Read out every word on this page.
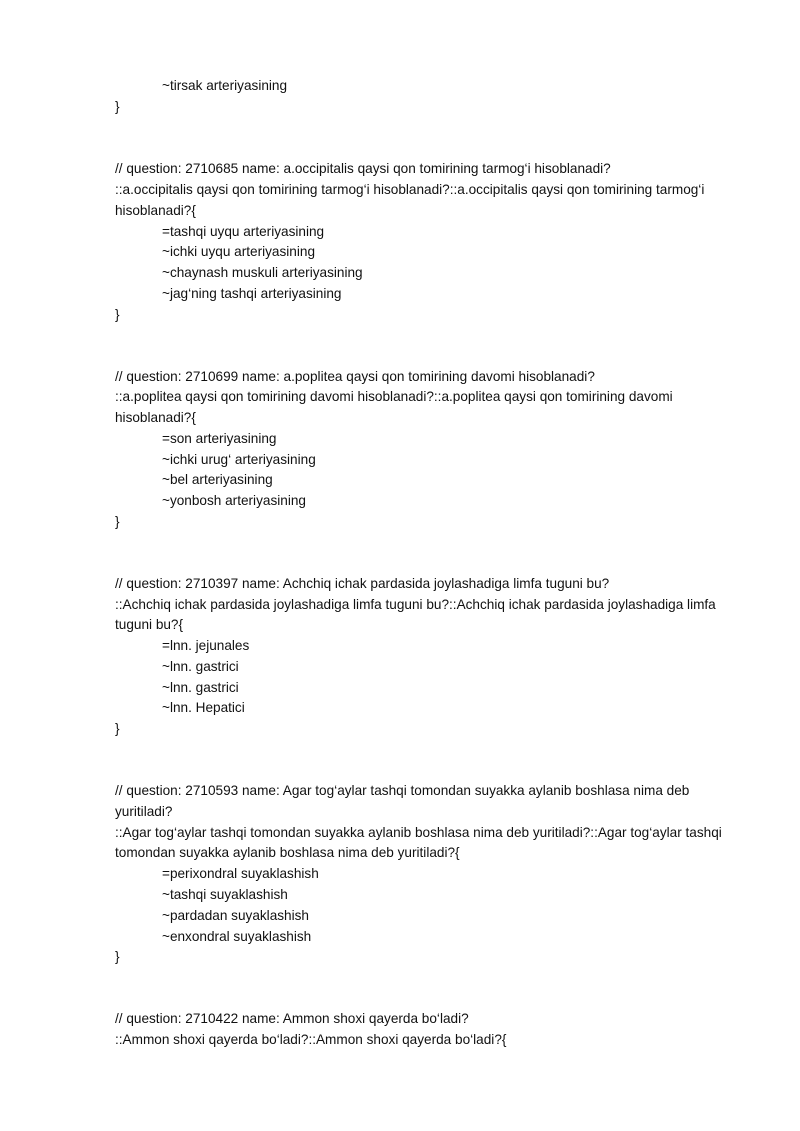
~tirsak arteriyasining
}
// question: 2710685 name: a.occipitalis qaysi qon tomirining tarmog‘i hisoblanadi?
::a.occipitalis qaysi qon tomirining tarmog‘i hisoblanadi?::a.occipitalis qaysi qon tomirining tarmog‘i
hisoblanadi?{
=tashqi uyqu arteriyasining
~ichki uyqu arteriyasining
~chaynash muskuli arteriyasining
~jag‘ning tashqi arteriyasining
}
// question: 2710699 name: a.poplitea qaysi qon tomirining davomi hisoblanadi?
::a.poplitea qaysi qon tomirining davomi hisoblanadi?::a.poplitea qaysi qon tomirining davomi
hisoblanadi?{
=son arteriyasining
~ichki urug‘ arteriyasining
~bel arteriyasining
~yonbosh arteriyasining
}
// question: 2710397 name: Achchiq ichak pardasida joylashadiga limfa tuguni bu?
::Achchiq ichak pardasida joylashadiga limfa tuguni bu?::Achchiq ichak pardasida joylashadiga limfa
tuguni bu?{
=lnn. jejunales
~lnn. gastrici
~lnn. gastrici
~lnn. Hepatici
}
// question: 2710593 name: Agar tog‘aylar tashqi tomondan suyakka aylanib boshlasa nima deb
yuritiladi?
::Agar tog‘aylar tashqi tomondan suyakka aylanib boshlasa nima deb yuritiladi?::Agar tog‘aylar tashqi
tomondan suyakka aylanib boshlasa nima deb yuritiladi?{
=perixondral suyaklashish
~tashqi suyaklashish
~pardadan suyaklashish
~enxondral suyaklashish
}
// question: 2710422 name: Ammon shoxi qayerda bo‘ladi?
::Ammon shoxi qayerda bo‘ladi?::Ammon shoxi qayerda bo‘ladi?{
